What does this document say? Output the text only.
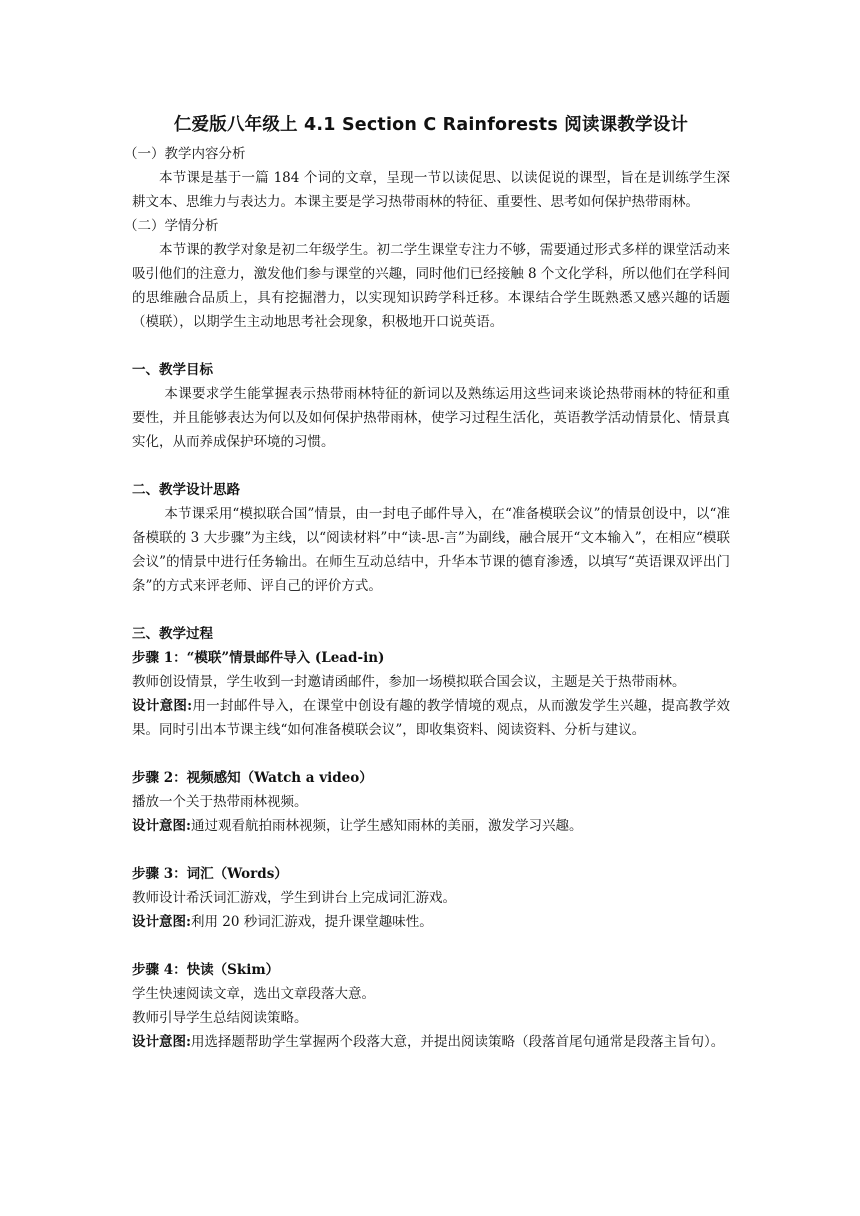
仁爱版八年级上 4.1 Section C Rainforests 阅读课教学设计

（一）教学内容分析

本节课是基于一篇 184 个词的文章，呈现一节以读促思、以读促说的课型，旨在是训练学生深耕文本、思维力与表达力。本课主要是学习热带雨林的特征、重要性、思考如何保护热带雨林。

（二）学情分析

本节课的教学对象是初二年级学生。初二学生课堂专注力不够，需要通过形式多样的课堂活动来吸引他们的注意力，激发他们参与课堂的兴趣，同时他们已经接触 8 个文化学科，所以他们在学科间的思维融合品质上，具有挖掘潜力，以实现知识跨学科迁移。本课结合学生既熟悉又感兴趣的话题（模联），以期学生主动地思考社会现象，积极地开口说英语。

一、教学目标

本课要求学生能掌握表示热带雨林特征的新词以及熟练运用这些词来谈论热带雨林的特征和重要性，并且能够表达为何以及如何保护热带雨林，使学习过程生活化，英语教学活动情景化、情景真实化，从而养成保护环境的习惯。

二、教学设计思路

本节课采用“模拟联合国”情景，由一封电子邮件导入，在“准备模联会议”的情景创设中，以“准备模联的 3 大步骤”为主线，以“阅读材料”中“读-思-言”为副线，融合展开“文本输入”，在相应“模联会议”的情景中进行任务输出。在师生互动总结中，升华本节课的德育渗透，以填写“英语课双评出门条”的方式来评老师、评自己的评价方式。

三、教学过程

步骤 1：“模联”情景邮件导入 (Lead-in)

教师创设情景，学生收到一封邀请函邮件，参加一场模拟联合国会议，主题是关于热带雨林。

设计意图:用一封邮件导入，在课堂中创设有趣的教学情境的观点，从而激发学生兴趣，提高教学效果。同时引出本节课主线“如何准备模联会议”，即收集资料、阅读资料、分析与建议。

步骤 2：视频感知（Watch a video）

播放一个关于热带雨林视频。

设计意图:通过观看航拍雨林视频，让学生感知雨林的美丽，激发学习兴趣。

步骤 3：词汇（Words）

教师设计希沃词汇游戏，学生到讲台上完成词汇游戏。

设计意图:利用 20 秒词汇游戏，提升课堂趣味性。

步骤 4：快读（Skim）

学生快速阅读文章，选出文章段落大意。

教师引导学生总结阅读策略。

设计意图:用选择题帮助学生掌握两个段落大意，并提出阅读策略（段落首尾句通常是段落主旨句）。
